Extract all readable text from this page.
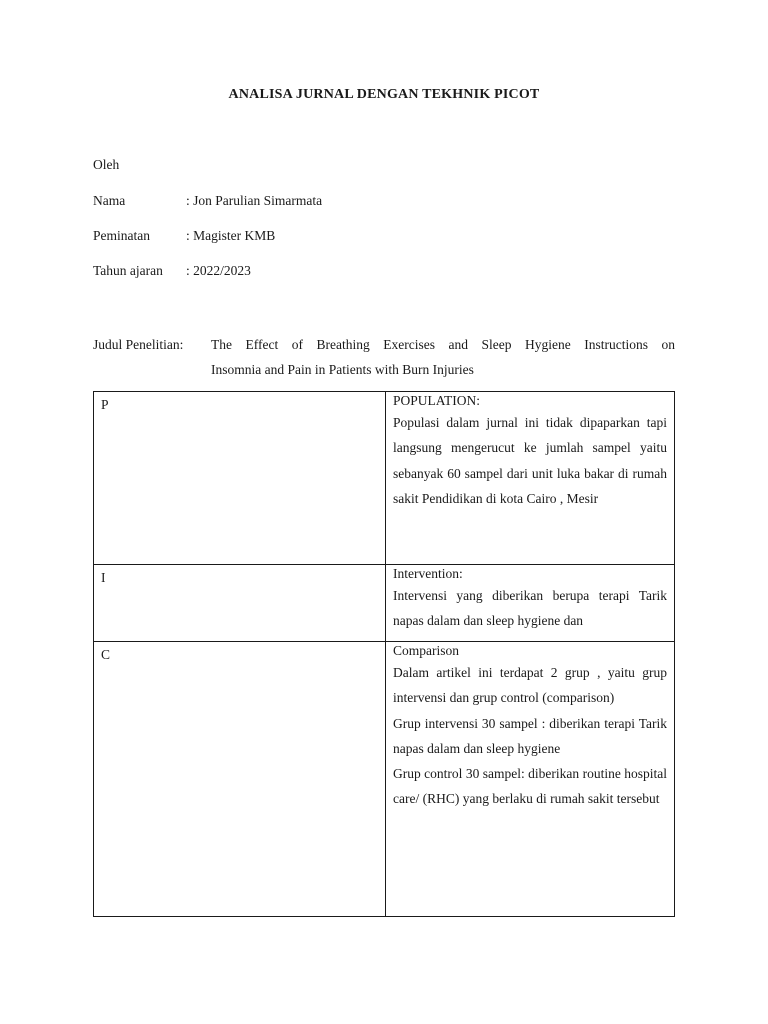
ANALISA JURNAL DENGAN TEKHNIK PICOT
Oleh
Nama	: Jon Parulian Simarmata
Peminatan	: Magister KMB
Tahun ajaran : 2022/2023
Judul Penelitian:	The Effect of Breathing Exercises and Sleep Hygiene Instructions on
Insomnia and Pain in Patients with Burn Injuries
P	POPULATION:
Populasi dalam jurnal ini tidak dipaparkan tapi langsung mengerucut ke jumlah sampel yaitu sebanyak 60 sampel dari unit luka bakar di rumah sakit Pendidikan di kota Cairo , Mesir

I	Intervention:
Intervensi yang diberikan berupa terapi Tarik napas dalam dan sleep hygiene dan

C	Comparison
Dalam artikel ini terdapat 2 grup , yaitu grup intervensi dan grup control (comparison)
Grup intervensi 30 sampel : diberikan terapi Tarik napas dalam dan sleep hygiene
Grup control 30 sampel: diberikan routine hospital care/ (RHC) yang berlaku di rumah sakit tersebut
